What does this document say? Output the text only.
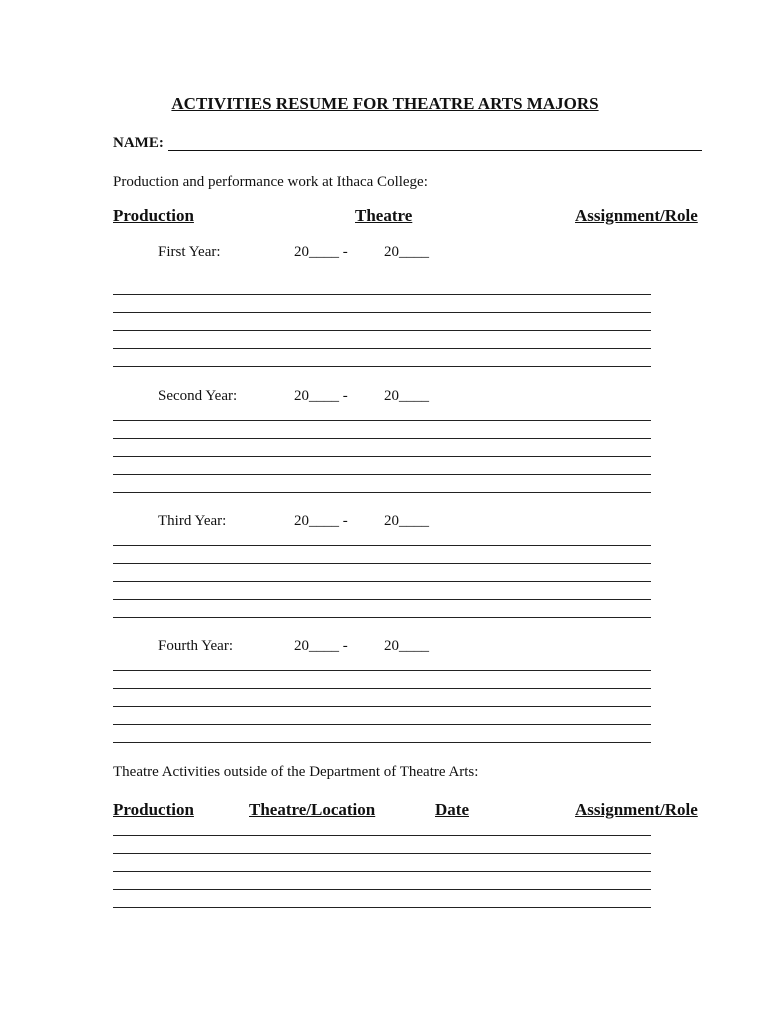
ACTIVITIES RESUME FOR THEATRE ARTS MAJORS
NAME:
Production and performance work at Ithaca College:
Production	Theatre	Assignment/Role
First Year:	20____ - 20____
Second Year:	20____ - 20____
Third Year:	20____ - 20____
Fourth Year:	20____ - 20____
Theatre Activities outside of the Department of Theatre Arts:
Production	Theatre/Location	Date	Assignment/Role
